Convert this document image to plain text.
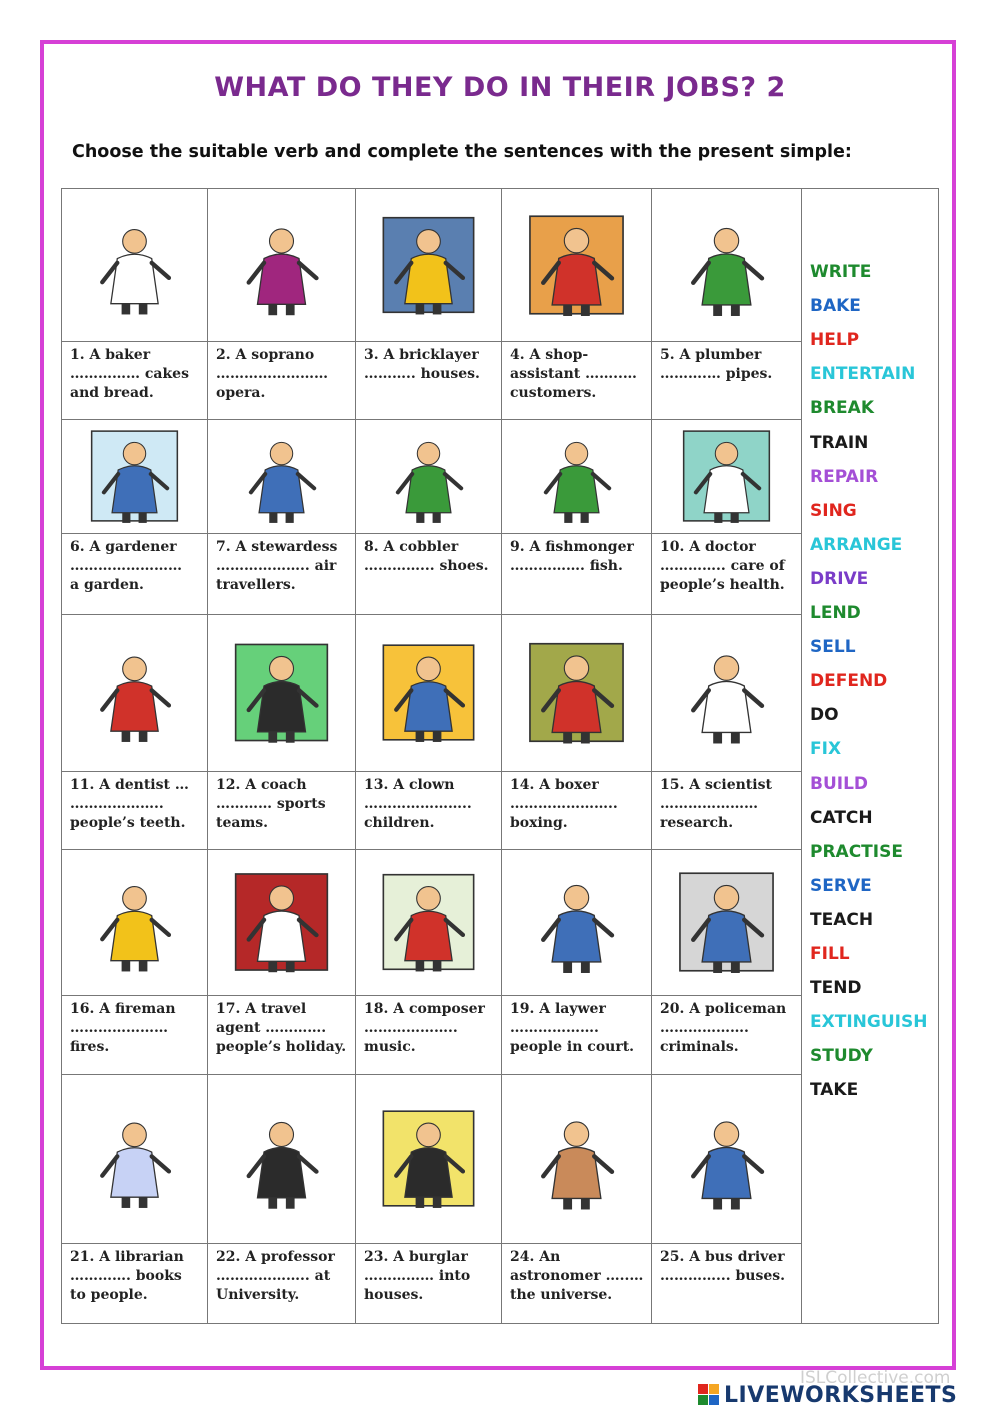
WHAT DO THEY DO IN THEIR JOBS? 2
Choose the suitable verb and complete the sentences with the present simple:
1. A baker
…………… cakes
and bread.
2. A soprano
……………………
opera.
3. A bricklayer
……….. houses.
4. A shop-
assistant ……..…
customers.
5. A plumber
……….… pipes.
6. A gardener
……………………
a garden.
7. A stewardess
……………….. air
travellers.
8. A cobbler
…………... shoes.
9. A fishmonger
……………. fish.
10. A doctor
………….. care of
people’s health.
11. A dentist …
………………..
people’s teeth.
12. A coach
………… sports
teams.
13. A clown
…………………..
children.
14. A boxer
…………………..
boxing.
15. A scientist
…………………
research.
16. A fireman
…………………
fires.
17. A travel
agent ………….
people’s holiday.
18. A composer
………………..
music.
19. A laywer
……………….
people in court.
20. A policeman
……………….
criminals.
21. A librarian
…………. books
to people.
22. A professor
……………….. at
University.
23. A burglar
…………… into
houses.
24. An
astronomer …..…
the universe.
25. A bus driver
…………... buses.
WRITE
BAKE
HELP
ENTERTAIN
BREAK
TRAIN
REPAIR
SING
ARRANGE
DRIVE
LEND
SELL
DEFEND
DO
FIX
BUILD
CATCH
PRACTISE
SERVE
TEACH
FILL
TEND
EXTINGUISH
STUDY
TAKE
ISLCollective.com
LIVEWORKSHEETS
